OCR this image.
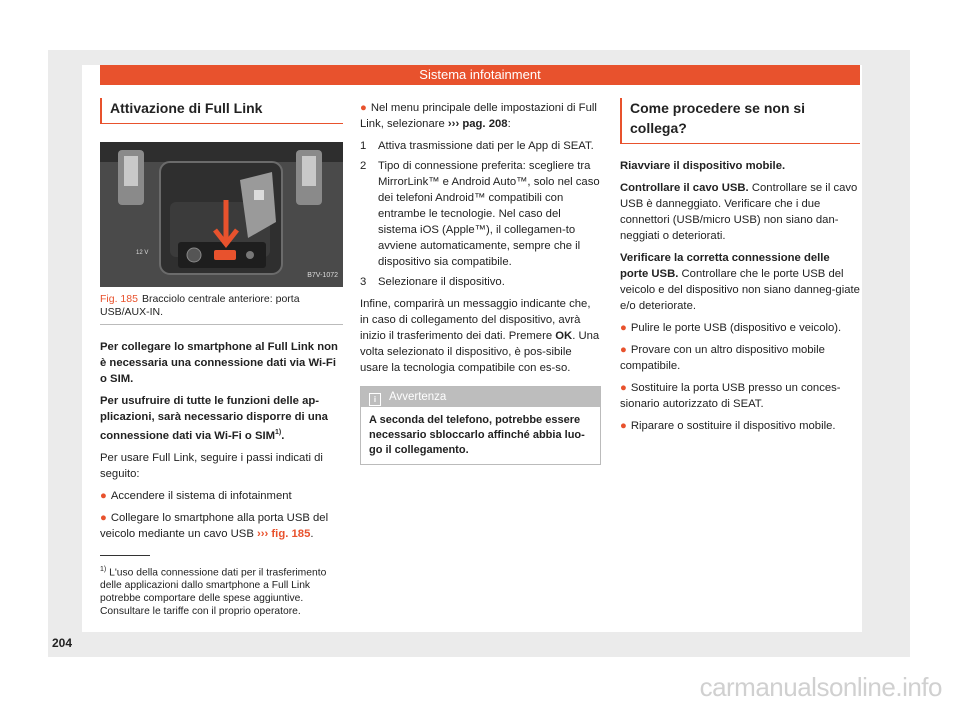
Sistema infotainment
Attivazione di Full Link
B7V-1072
12 V
Fig. 185 Bracciolo centrale anteriore: porta USB/AUX-IN.

Per collegare lo smartphone al Full Link non è necessaria una connessione dati via Wi-Fi o SIM.

Per usufruire di tutte le funzioni delle ap-plicazioni, sarà necessario disporre di una connessione dati via Wi-Fi o SIM$^{1)}$.

Per usare Full Link, seguire i passi indicati di seguito:

● Accendere il sistema di infotainment

● Collegare lo smartphone alla porta USB del veicolo mediante un cavo USB ››› fig. 185.

● Nel menu principale delle impostazioni di Full Link, selezionare ››› pag. 208:

1	Attiva trasmissione dati per le App di SEAT.
2	Tipo di connessione preferita: scegliere tra MirrorLink™ e Android Auto™, solo nel caso dei telefoni Android™ compatibili con entrambe le tecnologie. Nel caso del sistema iOS (Apple™), il collegamen-to avviene automaticamente, sempre che il dispositivo sia compatibile.
3	Selezionare il dispositivo.

Infine, comparirà un messaggio indicante che, in caso di collegamento del dispositivo, avrà inizio il trasferimento dei dati. Premere OK. Una volta selezionato il dispositivo, è pos-sibile usare la tecnologia compatibile con es-so.

i Avvertenza
A seconda del telefono, potrebbe essere necessario sbloccarlo affinché abbia luo-go il collegamento.
Come procedere se non si collega?

Riavviare il dispositivo mobile.

Controllare il cavo USB. Controllare se il cavo USB è danneggiato. Verificare che i due connettori (USB/micro USB) non siano dan-neggiati o deteriorati.

Verificare la corretta connessione delle porte USB. Controllare che le porte USB del veicolo e del dispositivo non siano danneg-giate e/o deteriorate.

● Pulire le porte USB (dispositivo e veicolo).

● Provare con un altro dispositivo mobile compatibile.

● Sostituire la porta USB presso un conces-sionario autorizzato di SEAT.

● Riparare o sostituire il dispositivo mobile.

$^{1)}$ L'uso della connessione dati per il trasferimento delle applicazioni dallo smartphone a Full Link potrebbe comportare delle spese aggiuntive. Consultare le tariffe con il proprio operatore.
204
carmanualsonline.info
